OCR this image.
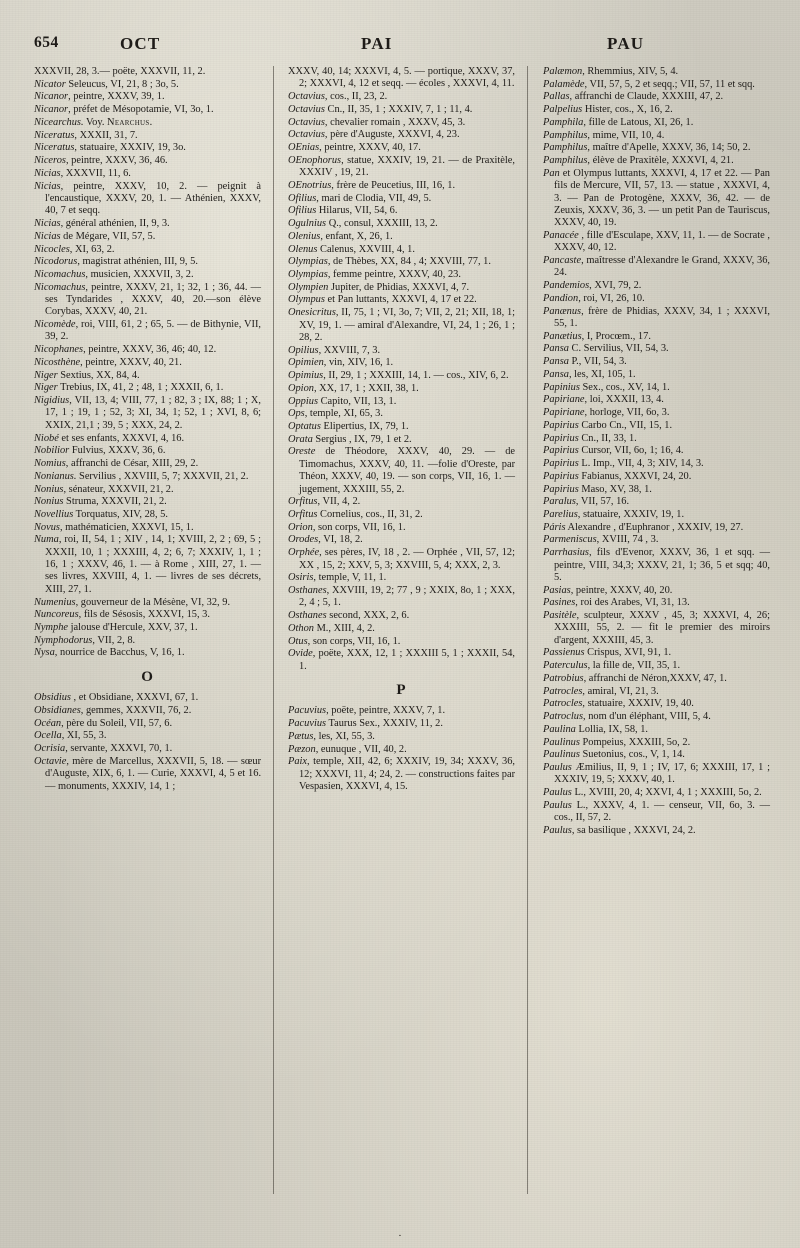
654	OCT	PAI	PAU
XXXVII, 28, 3.— poëte, XXXVII, 11, 2.
Nicator Seleucus, VI, 21, 8 ; 3o, 5.
Nicanor, peintre, XXXV, 39, 1.
Nicanor, préfet de Mésopotamie, VI, 3o, 1.
Nicearchus. Voy. Nearchus.
Niceratus, XXXII, 31, 7.
Niceratus, statuaire, XXXIV, 19, 3o.
Niceros, peintre, XXXV, 36, 46.
Nicias, XXXVII, 11, 6.
Nicias, peintre, XXXV, 10, 2. — peignit à l'encaustique, XXXV, 20, 1. — Athénien, XXXV, 40, 7 et seqq.
Nicias, général athénien, II, 9, 3.
Nicias de Mégare, VII, 57, 5.
Nicocles, XI, 63, 2.
Nicodorus, magistrat athénien, III, 9, 5.
Nicomachus, musicien, XXXVII, 3, 2.
Nicomachus, peintre, XXXV, 21, 1; 32, 1 ; 36, 44. — ses Tyndarides , XXXV, 40, 20.—son élève Corybas, XXXV, 40, 21.
Nicomède, roi, VIII, 61, 2 ; 65, 5. — de Bithynie, VII, 39, 2.
Nicophanes, peintre, XXXV, 36, 46; 40, 12.
Nicosthène, peintre, XXXV, 40, 21.
Niger Sextius, XX, 84, 4.
Niger Trebius, IX, 41, 2 ; 48, 1 ; XXXII, 6, 1.
Nigidius, VII, 13, 4; VIII, 77, 1 ; 82, 3 ; IX, 88; 1 ; X, 17, 1 ; 19, 1 ; 52, 3; XI, 34, 1; 52, 1 ; XVI, 8, 6; XXIX, 21,1 ; 39, 5 ; XXX, 24, 2.
Niobé et ses enfants, XXXVI, 4, 16.
Nobilior Fulvius, XXXV, 36, 6.
Nomius, affranchi de César, XIII, 29, 2.
Nonianus. Servilius , XXVIII, 5, 7; XXXVII, 21, 2.
Nonius, sénateur, XXXVII, 21, 2.
Nonius Struma, XXXVII, 21, 2.
Novellius Torquatus, XIV, 28, 5.
Novus, mathématicien, XXXVI, 15, 1.
Numa, roi, II, 54, 1 ; XIV , 14, 1; XVIII, 2, 2 ; 69, 5 ; XXXII, 10, 1 ; XXXIII, 4, 2; 6, 7; XXXIV, 1, 1 ; 16, 1 ; XXXV, 46, 1. — à Rome , XIII, 27, 1. — ses livres, XXVIII, 4, 1. — livres de ses décrets, XIII, 27, 1.
Numenius, gouverneur de la Mésène, VI, 32, 9.
Nuncoreus, fils de Sésosis, XXXVI, 15, 3.
Nymphe jalouse d'Hercule, XXV, 37, 1.
Nymphodorus, VII, 2, 8.
Nysa, nourrice de Bacchus, V, 16, 1.
O
Obsidius , et Obsidiane, XXXVI, 67, 1.
Obsidianes, gemmes, XXXVII, 76, 2.
Océan, père du Soleil, VII, 57, 6.
Ocella, XI, 55, 3.
Ocrisia, servante, XXXVI, 70, 1.
Octavie, mère de Marcellus, XXXVII, 5, 18. — sœur d'Auguste, XIX, 6, 1. — Curie, XXXVI, 4, 5 et 16. — monuments, XXXIV, 14, 1 ;
XXXV, 40, 14; XXXVI, 4, 5. — portique, XXXV, 37, 2; XXXVI, 4, 12 et seqq. — écoles , XXXVI, 4, 11.
Octavius, cos., II, 23, 2.
Octavius Cn., II, 35, 1 ; XXXIV, 7, 1 ; 11, 4.
Octavius, chevalier romain , XXXV, 45, 3.
Octavius, père d'Auguste, XXXVI, 4, 23.
OEnias, peintre, XXXV, 40, 17.
OEnophorus, statue, XXXIV, 19, 21. — de Praxitèle, XXXIV , 19, 21.
OEnotrius, frère de Peucetius, III, 16, 1.
Ofilius, mari de Clodia, VII, 49, 5.
Ofilius Hilarus, VII, 54, 6.
Ogulnius Q., consul, XXXIII, 13, 2.
Olenius, enfant, X, 26, 1.
Olenus Calenus, XXVIII, 4, 1.
Olympias, de Thèbes, XX, 84 , 4; XXVIII, 77, 1.
Olympias, femme peintre, XXXV, 40, 23.
Olympien Jupiter, de Phidias, XXXVI, 4, 7.
Olympus et Pan luttants, XXXVI, 4, 17 et 22.
Onesicritus, II, 75, 1 ; VI, 3o, 7; VII, 2, 21; XII, 18, 1; XV, 19, 1. — amiral d'Alexandre, VI, 24, 1 ; 26, 1 ; 28, 2.
Opilius, XXVIII, 7, 3.
Opimien, vin, XIV, 16, 1.
Opimius, II, 29, 1 ; XXXIII, 14, 1. — cos., XIV, 6, 2.
Opion, XX, 17, 1 ; XXII, 38, 1.
Oppius Capito, VII, 13, 1.
Ops, temple, XI, 65, 3.
Optatus Elipertius, IX, 79, 1.
Orata Sergius , IX, 79, 1 et 2.
Oreste de Théodore, XXXV, 40, 29. — de Timomachus, XXXV, 40, 11. —folie d'Oreste, par Théon, XXXV, 40, 19. — son corps, VII, 16, 1. — jugement, XXXIII, 55, 2.
Orfitus, VII, 4, 2.
Orfitus Cornelius, cos., II, 31, 2.
Orion, son corps, VII, 16, 1.
Orodes, VI, 18, 2.
Orphée, ses pères, IV, 18 , 2. — Orphée , VII, 57, 12; XX , 15, 2; XXV, 5, 3; XXVIII, 5, 4; XXX, 2, 3.
Osiris, temple, V, 11, 1.
Osthanes, XXVIII, 19, 2; 77 , 9 ; XXIX, 8o, 1 ; XXX, 2, 4 ; 5, 1.
Osthanes second, XXX, 2, 6.
Othon M., XIII, 4, 2.
Otus, son corps, VII, 16, 1.
Ovide, poëte, XXX, 12, 1 ; XXXIII 5, 1 ; XXXII, 54, 1.
P
Pacuvius, poëte, peintre, XXXV, 7, 1.
Pacuvius Taurus Sex., XXXIV, 11, 2.
Pætus, les, XI, 55, 3.
Pæzon, eunuque , VII, 40, 2.
Paix, temple, XII, 42, 6; XXXIV, 19, 34; XXXV, 36, 12; XXXVI, 11, 4; 24, 2. — constructions faites par Vespasien, XXXVI, 4, 15.
Palæmon, Rhemmius, XIV, 5, 4.
Palamède, VII, 57, 5, 2 et seqq.; VII, 57, 11 et sqq.
Pallas, affranchi de Claude, XXXIII, 47, 2.
Palpelius Hister, cos., X, 16, 2.
Pamphila, fille de Latous, XI, 26, 1.
Pamphilus, mime, VII, 10, 4.
Pamphilus, maître d'Apelle, XXXV, 36, 14; 50, 2.
Pamphilus, élève de Praxitèle, XXXVI, 4, 21.
Pan et Olympus luttants, XXXVI, 4, 17 et 22. — Pan fils de Mercure, VII, 57, 13. — statue , XXXVI, 4, 3. — Pan de Protogène, XXXV, 36, 42. — de Zeuxis, XXXV, 36, 3. — un petit Pan de Tauriscus, XXXV, 40, 19.
Panacée , fille d'Esculape, XXV, 11, 1. — de Socrate , XXXV, 40, 12.
Pancaste, maîtresse d'Alexandre le Grand, XXXV, 36, 24.
Pandemios, XVI, 79, 2.
Pandion, roi, VI, 26, 10.
Panænus, frère de Phidias, XXXV, 34, 1 ; XXXVI, 55, 1.
Panætius, I, Procœm., 17.
Pansa C. Servilius, VII, 54, 3.
Pansa P., VII, 54, 3.
Pansa, les, XI, 105, 1.
Papinius Sex., cos., XV, 14, 1.
Papiriane, loi, XXXII, 13, 4.
Papiriane, horloge, VII, 6o, 3.
Papirius Carbo Cn., VII, 15, 1.
Papirius Cn., II, 33, 1.
Papirius Cursor, VII, 6o, 1; 16, 4.
Papirius L. Imp., VII, 4, 3; XIV, 14, 3.
Papirius Fabianus, XXXVI, 24, 20.
Papirius Maso, XV, 38, 1.
Paralus, VII, 57, 16.
Parelius, statuaire, XXXIV, 19, 1.
Páris Alexandre , d'Euphranor , XXXIV, 19, 27.
Parmeniscus, XVIII, 74 , 3.
Parrhasius, fils d'Evenor, XXXV, 36, 1 et sqq. — peintre, VIII, 34,3; XXXV, 21, 1; 36, 5 et sqq; 40, 5.
Pasias, peintre, XXXV, 40, 20.
Pasines, roi des Arabes, VI, 31, 13.
Pasitèle, sculpteur, XXXV , 45, 3; XXXVI, 4, 26; XXXIII, 55, 2. — fit le premier des miroirs d'argent, XXXIII, 45, 3.
Passienus Crispus, XVI, 91, 1.
Paterculus, la fille de, VII, 35, 1.
Patrobius, affranchi de Néron,XXXV, 47, 1.
Patrocles, amiral, VI, 21, 3.
Patrocles, statuaire, XXXIV, 19, 40.
Patroclus, nom d'un éléphant, VIII, 5, 4.
Paulina Lollia, IX, 58, 1.
Paulinus Pompeius, XXXIII, 5o, 2.
Paulinus Suetonius, cos., V, 1, 14.
Paulus Æmilius, II, 9, 1 ; IV, 17, 6; XXXIII, 17, 1 ; XXXIV, 19, 5; XXXV, 40, 1.
Paulus L., XVIII, 20, 4; XXVI, 4, 1 ; XXXIII, 5o, 2.
Paulus L., XXXV, 4, 1. — censeur, VII, 6o, 3. — cos., II, 57, 2.
Paulus, sa basilique , XXXVI, 24, 2.
·
